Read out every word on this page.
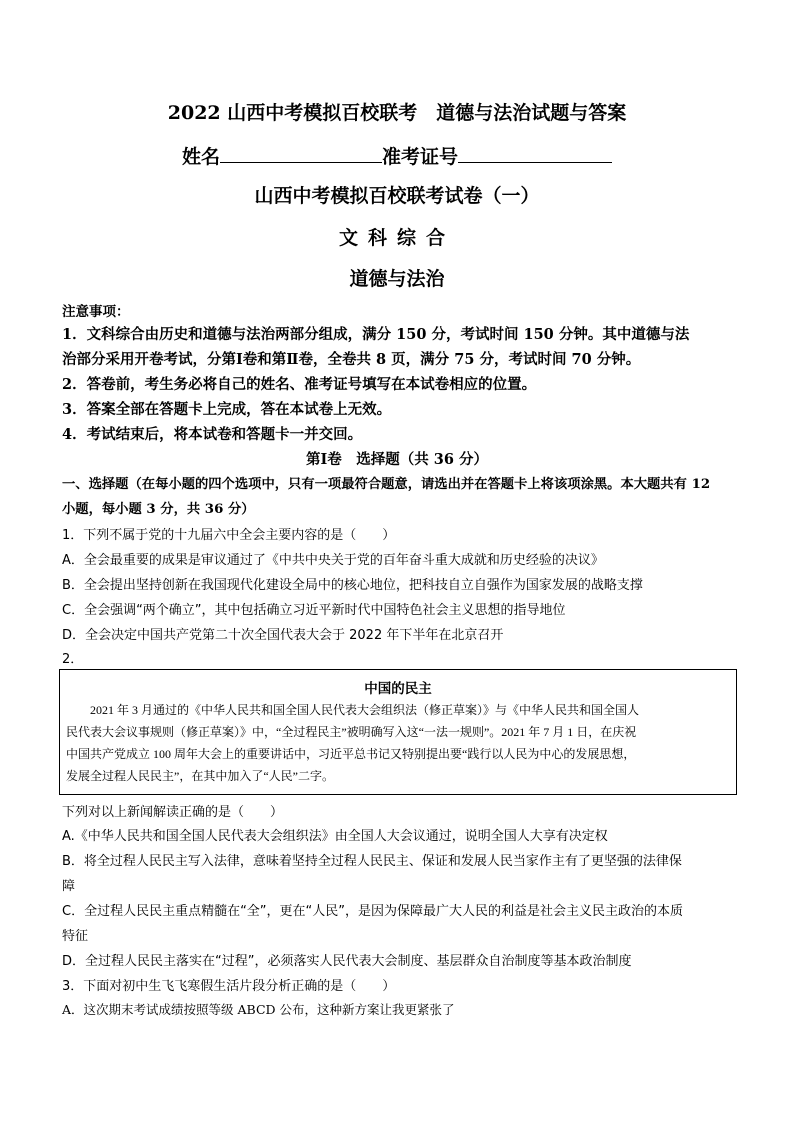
2022 山西中考模拟百校联考　道德与法治试题与答案
姓名	准考证号
山西中考模拟百校联考试卷（一）
文科综合
道德与法治
注意事项：
1．文科综合由历史和道德与法治两部分组成，满分 150 分，考试时间 150 分钟。其中道德与法
治部分采用开卷考试，分第Ⅰ卷和第Ⅱ卷，全卷共 8 页，满分 75 分，考试时间 70 分钟。
2．答卷前，考生务必将自己的姓名、准考证号填写在本试卷相应的位置。
3．答案全部在答题卡上完成，答在本试卷上无效。
4．考试结束后，将本试卷和答题卡一并交回。
第Ⅰ卷　选择题（共 36 分）
一、选择题（在每小题的四个选项中，只有一项最符合题意，请选出并在答题卡上将该项涂黑。本大题共有 12
小题，每小题 3 分，共 36 分）
1．下列不属于党的十九届六中全会主要内容的是（　　）
A．全会最重要的成果是审议通过了《中共中央关于党的百年奋斗重大成就和历史经验的决议》
B．全会提出坚持创新在我国现代化建设全局中的核心地位，把科技自立自强作为国家发展的战略支撑
C．全会强调“两个确立”，其中包括确立习近平新时代中国特色社会主义思想的指导地位
D．全会决定中国共产党第二十次全国代表大会于 2022 年下半年在北京召开
2．
中国的民主
2021 年 3 月通过的《中华人民共和国全国人民代表大会组织法（修正草案）》与《中华人民共和国全国人
民代表大会议事规则（修正草案）》中，“全过程民主”被明确写入这“一法一规则”。2021 年 7 月 1 日，在庆祝
中国共产党成立 100 周年大会上的重要讲话中，习近平总书记又特别提出要“践行以人民为中心的发展思想，
发展全过程人民民主”，在其中加入了“人民”二字。
下列对以上新闻解读正确的是（　　）
A.《中华人民共和国全国人民代表大会组织法》由全国人大会议通过，说明全国人大享有决定权
B．将全过程人民民主写入法律，意味着坚持全过程人民民主、保证和发展人民当家作主有了更坚强的法律保
障
C．全过程人民民主重点精髓在“全”，更在“人民”，是因为保障最广大人民的利益是社会主义民主政治的本质
特征
D．全过程人民民主落实在“过程”，必须落实人民代表大会制度、基层群众自治制度等基本政治制度
3．下面对初中生飞飞寒假生活片段分析正确的是（　　）
A．这次期末考试成绩按照等级 ABCD 公布，这种新方案让我更紧张了
